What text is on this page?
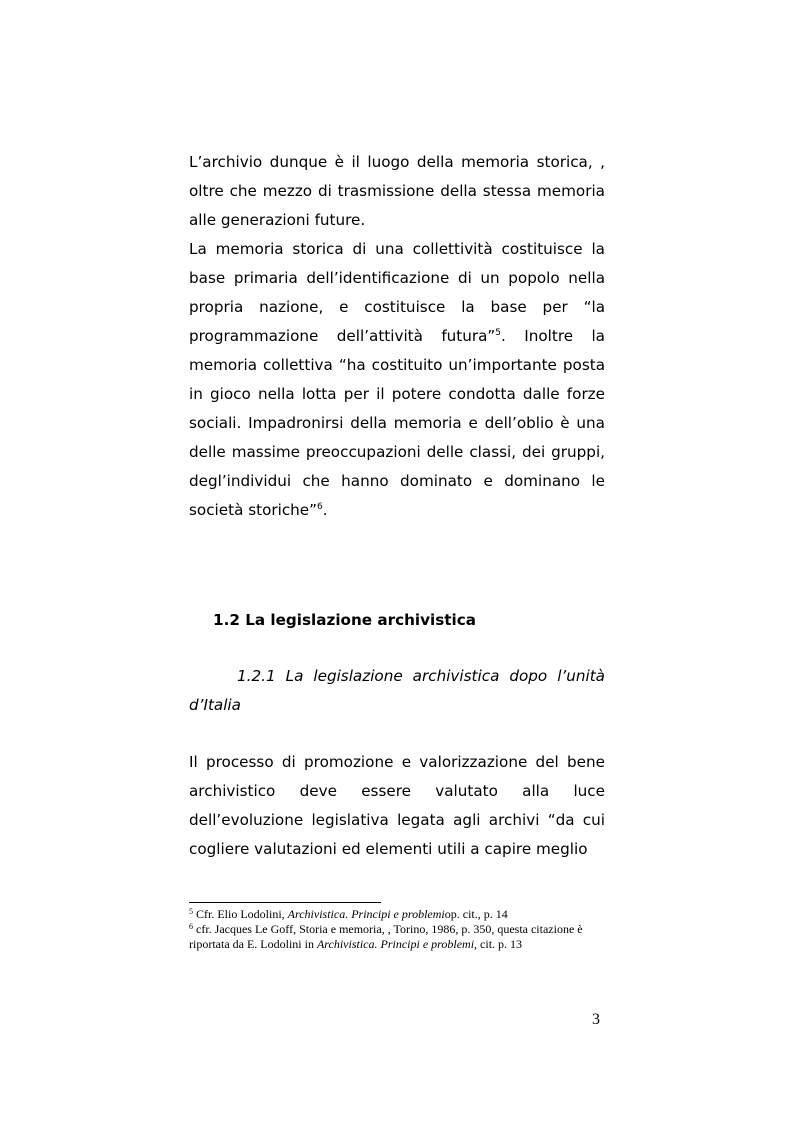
L’archivio dunque è il luogo della memoria storica, , oltre che mezzo di trasmissione della stessa memoria alle generazioni future.
La memoria storica di una collettività costituisce la base primaria dell’identificazione di un popolo nella propria nazione, e costituisce la base per “la programmazione dell’attività futura”$^5$. Inoltre la memoria collettiva “ha costituito un’importante posta in gioco nella lotta per il potere condotta dalle forze sociali. Impadronirsi della memoria e dell’oblio è una delle massime preoccupazioni delle classi, dei gruppi, degl’individui che hanno dominato e dominano le società storiche”$^6$.
1.2 La legislazione archivistica
1.2.1 La legislazione archivistica dopo l’unità d’Italia

Il processo di promozione e valorizzazione del bene archivistico deve essere valutato alla luce dell’evoluzione legislativa legata agli archivi “da cui cogliere valutazioni ed elementi utili a capire meglio

$^5$ Cfr. Elio Lodolini, Archivistica. Principi e problemiop. cit., p. 14

$^6$ cfr. Jacques Le Goff, Storia e memoria, , Torino, 1986, p. 350, questa citazione è riportata da E. Lodolini in Archivistica. Principi e problemi, cit. p. 13

3
